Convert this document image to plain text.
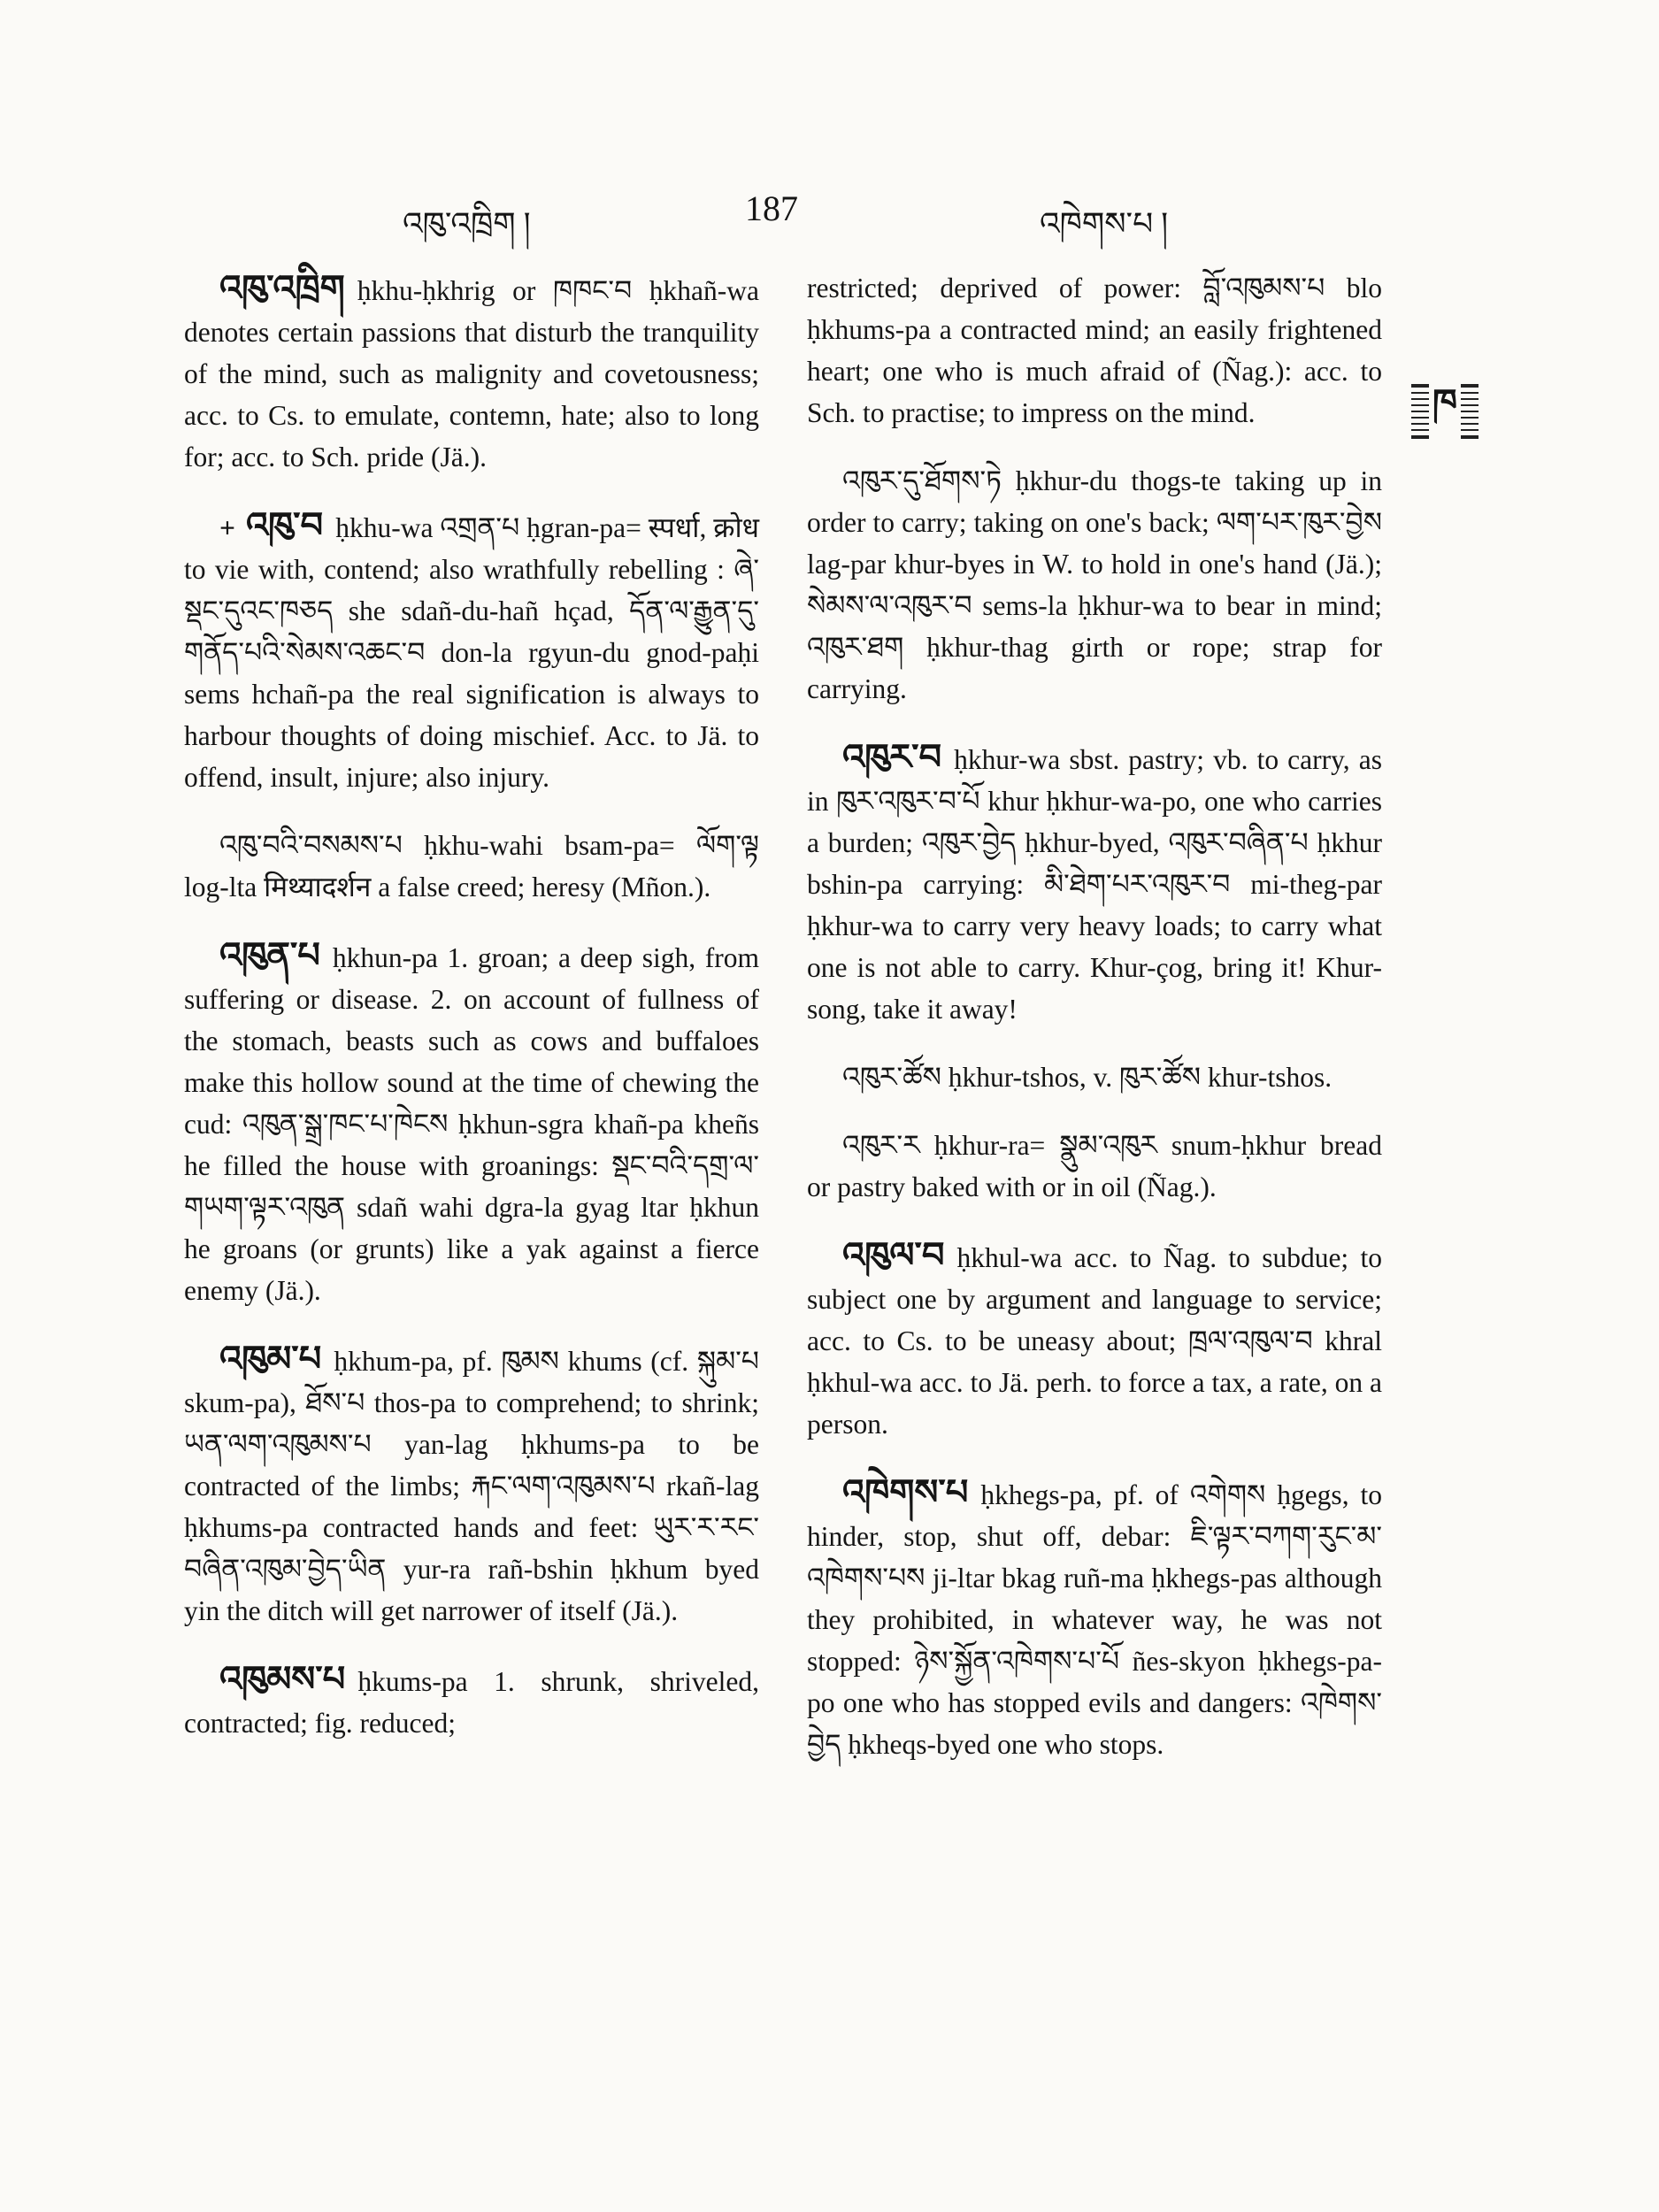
འཁུ་འཁྲིག །	187	འཁེགས་པ །
ཁ

འཁུ་འཁྲིག ḥkhu-ḥkhrig or ཁཁང་བ ḥkhañ-wa denotes certain passions that disturb the tranquility of the mind, such as malignity and covetousness; acc. to Cs. to emulate, contemn, hate; also to long for; acc. to Sch. pride (Jä.).

+ འཁུ་བ ḥkhu-wa འགྲན་པ ḥgran-pa= स्पर्धा, क्रोध to vie with, contend; also wrathfully rebelling : ཞེ་སྡང་དུའང་ཁཅད she sdañ-du-hañ hçad, དོན་ལ་རྒྱུན་དུ་གནོད་པའི་སེམས་འཆང་བ don-la rgyun-du gnod-paḥi sems hchañ-pa the real signification is always to harbour thoughts of doing mischief. Acc. to Jä. to offend, insult, injure; also injury.

འཁུ་བའི་བསམས་པ ḥkhu-wahi bsam-pa= ལོག་ལྟ log-lta मिथ्यादर्शन a false creed; heresy (Mñon.).

འཁུན་པ ḥkhun-pa 1. groan; a deep sigh, from suffering or disease. 2. on account of fullness of the stomach, beasts such as cows and buffaloes make this hollow sound at the time of chewing the cud: འཁུན་སྒྲ་ཁང་པ་ཁེངས ḥkhun-sgra khañ-pa kheñs he filled the house with groanings: སྡང་བའི་དགྲ་ལ་གཡག་ལྟར་འཁུན sdañ wahi dgra-la gyag ltar ḥkhun he groans (or grunts) like a yak against a fierce enemy (Jä.).

འཁུམ་པ ḥkhum-pa, pf. ཁུམས khums (cf. སྐུམ་པ skum-pa), ཐོས་པ thos-pa to comprehend; to shrink; ཡན་ལག་འཁུམས་པ yan-lag ḥkhums-pa to be contracted of the limbs; རྐང་ལག་འཁུམས་པ rkañ-lag ḥkhums-pa contracted hands and feet: ཡུར་ར་རང་བཞིན་འཁུམ་བྱེད་ཡིན yur-ra rañ-bshin ḥkhum byed yin the ditch will get narrower of itself (Jä.).

འཁུམས་པ ḥkums-pa 1. shrunk, shriveled, contracted; fig. reduced;

restricted; deprived of power: བློ་འཁུམས་པ blo ḥkhums-pa a contracted mind; an easily frightened heart; one who is much afraid of (Ñag.): acc. to Sch. to practise; to impress on the mind.

འཁུར་དུ་ཐོགས་ཏེ ḥkhur-du thogs-te taking up in order to carry; taking on one's back; ལག་པར་ཁུར་བྱེས lag-par khur-byes in W. to hold in one's hand (Jä.); སེམས་ལ་འཁུར་བ sems-la ḥkhur-wa to bear in mind; འཁུར་ཐག ḥkhur-thag girth or rope; strap for carrying.

འཁུར་བ ḥkhur-wa sbst. pastry; vb. to carry, as in ཁུར་འཁུར་བ་པོ khur ḥkhur-wa-po, one who carries a burden; འཁུར་བྱེད ḥkhur-byed, འཁུར་བཞིན་པ ḥkhur bshin-pa carrying: མི་ཐེག་པར་འཁུར་བ mi-theg-par ḥkhur-wa to carry very heavy loads; to carry what one is not able to carry. Khur-çog, bring it! Khur-song, take it away!

འཁུར་ཚོས ḥkhur-tshos, v. ཁུར་ཚོས khur-tshos.

འཁུར་ར ḥkhur-ra= སྣུམ་འཁུར snum-ḥkhur bread or pastry baked with or in oil (Ñag.).

འཁུལ་བ ḥkhul-wa acc. to Ñag. to subdue; to subject one by argument and language to service; acc. to Cs. to be uneasy about; ཁྲལ་འཁུལ་བ khral ḥkhul-wa acc. to Jä. perh. to force a tax, a rate, on a person.

འཁེགས་པ ḥkhegs-pa, pf. of འགེགས ḥgegs, to hinder, stop, shut off, debar: ཇི་ལྟར་བཀག་རུང་མ་འཁེགས་པས ji-ltar bkag ruñ-ma ḥkhegs-pas although they prohibited, in whatever way, he was not stopped: ཉེས་སྐྱོན་འཁེགས་པ་པོ ñes-skyon ḥkhegs-pa-po one who has stopped evils and dangers: འཁེགས་བྱེད ḥkheqs-byed one who stops.
